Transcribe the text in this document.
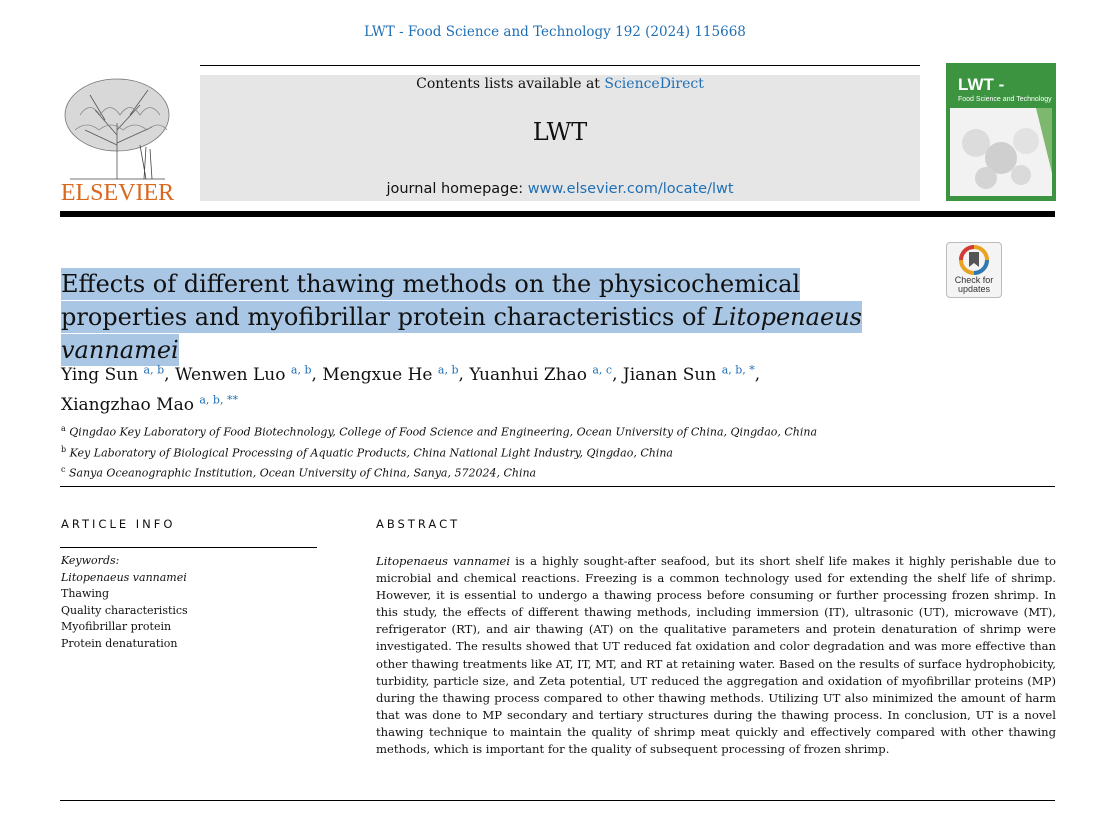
LWT - Food Science and Technology 192 (2024) 115668
ELSEVIER
Contents lists available at ScienceDirect
LWT
journal homepage: www.elsevier.com/locate/lwt
LWT -
Food Science and Technology
Check for
updates
Effects of different thawing methods on the physicochemical properties and myofibrillar protein characteristics of Litopenaeus vannamei
Ying Sun $^{a, b}$, Wenwen Luo $^{a, b}$, Mengxue He $^{a, b}$, Yuanhui Zhao $^{a, c}$, Jianan Sun $^{a, b, *}$,
Xiangzhao Mao $^{a, b, **}$
$^a$ Qingdao Key Laboratory of Food Biotechnology, College of Food Science and Engineering, Ocean University of China, Qingdao, China
$^b$ Key Laboratory of Biological Processing of Aquatic Products, China National Light Industry, Qingdao, China
$^c$ Sanya Oceanographic Institution, Ocean University of China, Sanya, 572024, China
ARTICLE INFO	ABSTRACT
Keywords:
Litopenaeus vannamei
Thawing
Quality characteristics
Myofibrillar protein
Protein denaturation
Litopenaeus vannamei is a highly sought-after seafood, but its short shelf life makes it highly perishable due to microbial and chemical reactions. Freezing is a common technology used for extending the shelf life of shrimp. However, it is essential to undergo a thawing process before consuming or further processing frozen shrimp. In this study, the effects of different thawing methods, including immersion (IT), ultrasonic (UT), microwave (MT), refrigerator (RT), and air thawing (AT) on the qualitative parameters and protein denaturation of shrimp were investigated. The results showed that UT reduced fat oxidation and color degradation and was more effective than other thawing treatments like AT, IT, MT, and RT at retaining water. Based on the results of surface hydrophobicity, turbidity, particle size, and Zeta potential, UT reduced the aggregation and oxidation of myofibrillar proteins (MP) during the thawing process compared to other thawing methods. Utilizing UT also minimized the amount of harm that was done to MP secondary and tertiary structures during the thawing process. In conclusion, UT is a novel thawing technique to maintain the quality of shrimp meat quickly and effectively compared with other thawing methods, which is important for the quality of subsequent processing of frozen shrimp.
